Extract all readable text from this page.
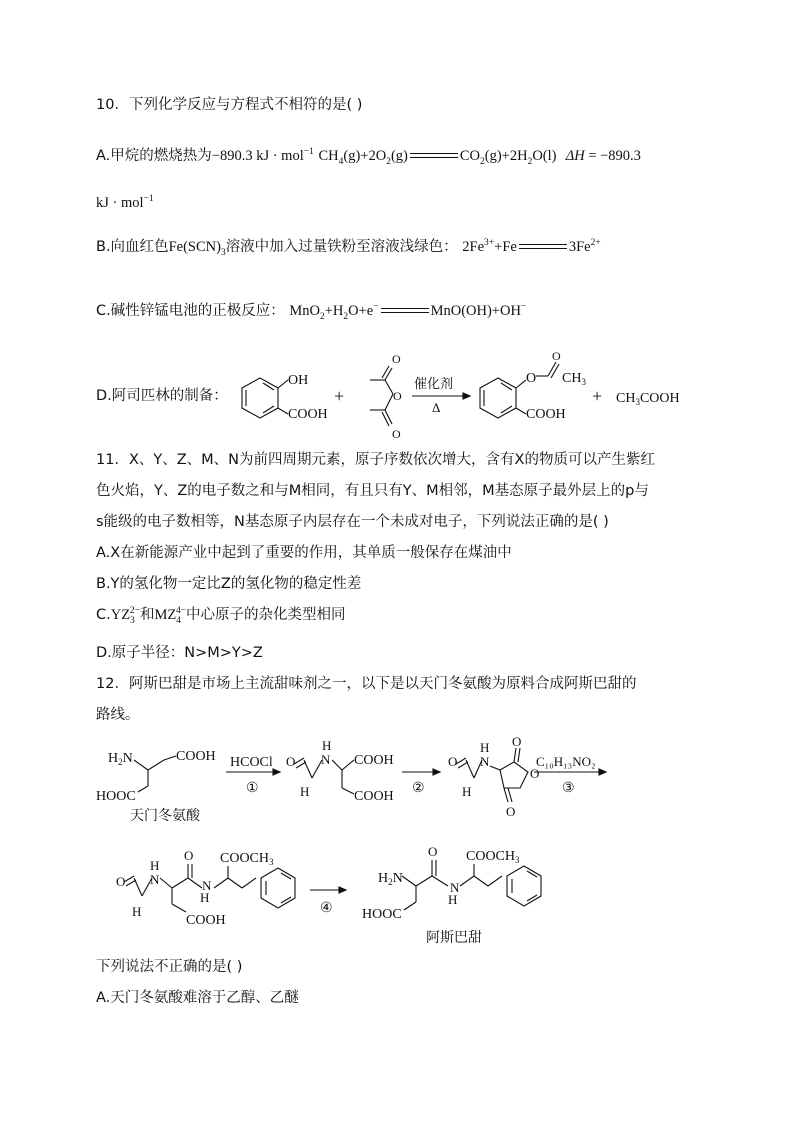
10．下列化学反应与方程式不相符的是( )
A.甲烷的燃烧热为−890.3 kJ · mol$^{-1}$ $CH_4(g)+2O_2(g)$	$CO_2(g)+2H_2O(l) \Delta H = -890.3$
kJ · mol$^{-1}$
B.向血红色$Fe(SCN)_3$溶液中加入过量铁粉至溶液浅绿色： $2Fe^{3+}+Fe$	$3Fe^{2+}$
C.碱性锌锰电池的正极反应： $MnO_2+H_2O+e^-$	MnO(OH)+OH−
D.阿司匹林的制备：
OH
COOH
+
O
O
O
催化剂
Δ
O
O
$CH_3$
COOH
+ $CH_3COOH$
11．X、Y、Z、M、N为前四周期元素，原子序数依次增大，含有X的物质可以产生紫红
色火焰，Y、Z的电子数之和与M相同，有且只有Y、M相邻，M基态原子最外层上的p与
s能级的电子数相等，N基态原子内层存在一个未成对电子，下列说法正确的是( )
A.X在新能源产业中起到了重要的作用，其单质一般保存在煤油中
B.Y的氢化物一定比Z的氢化物的稳定性差
$C.YZ_3^{2-}$和$MZ_4^{4-}$中心原子的杂化类型相同
D.原子半径：N>M>Y>Z
12．阿斯巴甜是市场上主流甜味剂之一，以下是以天门冬氨酸为原料合成阿斯巴甜的
路线。
$H_2N$	COOH
HOOC
天门冬氨酸
HCOCl
①
O
H
H
N COOH
COOH
②
O
H
H
N
O
O
O
C₁₀H₁₃NO₂
③
O
H
H
N
O
H
N
COOH
$COOCH_3$
④
$H_2N$
O
N
H
$COOCH_3$
HOOC
阿斯巴甜
下列说法不正确的是( )
A.天门冬氨酸难溶于乙醇、乙醚
